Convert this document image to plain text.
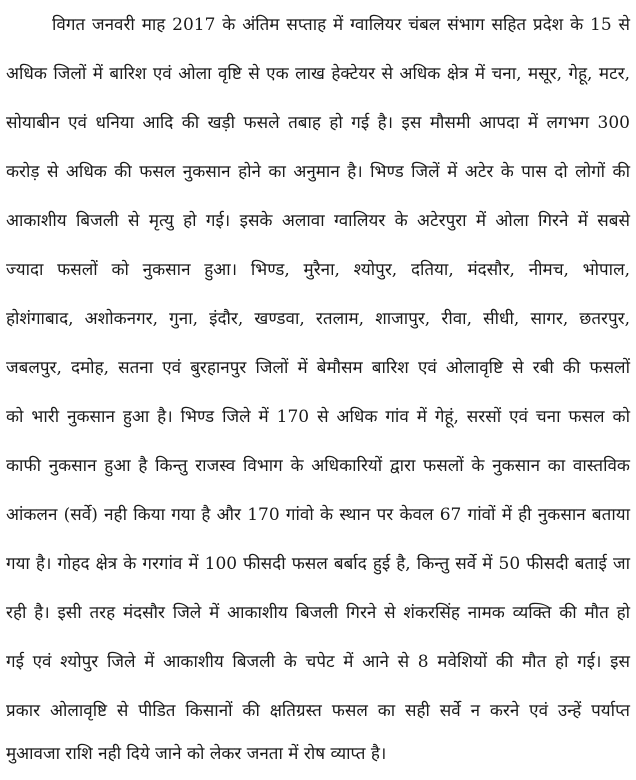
विगत जनवरी माह 2017 के अंतिम सप्ताह में ग्वालियर चंबल संभाग सहित प्रदेश के 15 से
अधिक जिलों में बारिश एवं ओला वृष्टि से एक लाख हेक्टेयर से अधिक क्षेत्र में चना, मसूर, गेहू, मटर,
सोयाबीन एवं धनिया आदि की खड़ी फसले तबाह हो गई है। इस मौसमी आपदा में लगभग 300
करोड़ से अधिक की फसल नुकसान होने का अनुमान है। भिण्ड जिलें में अटेर के पास दो लोगों की
आकाशीय बिजली से मृत्यु हो गई। इसके अलावा ग्वालियर के अटेरपुरा में ओला गिरने में सबसे
ज्यादा फसलों को नुकसान हुआ। भिण्ड, मुरैना, श्योपुर, दतिया, मंदसौर, नीमच, भोपाल,
होशंगाबाद, अशोकनगर, गुना, इंदौर, खण्डवा, रतलाम, शाजापुर, रीवा, सीधी, सागर, छतरपुर,
जबलपुर, दमोह, सतना एवं बुरहानपुर जिलों में बेमौसम बारिश एवं ओलावृष्टि से रबी की फसलों
को भारी नुकसान हुआ है। भिण्ड जिले में 170 से अधिक गांव में गेहूं, सरसों एवं चना फसल को
काफी नुकसान हुआ है किन्तु राजस्व विभाग के अधिकारियों द्वारा फसलों के नुकसान का वास्तविक
आंकलन (सर्वे) नही किया गया है और 170 गांवो के स्थान पर केवल 67 गांवों में ही नुकसान बताया
गया है। गोहद क्षेत्र के गरगांव में 100 फीसदी फसल बर्बाद हुई है, किन्तु सर्वे में 50 फीसदी बताई जा
रही है। इसी तरह मंदसौर जिले में आकाशीय बिजली गिरने से शंकरसिंह नामक व्यक्ति की मौत हो
गई एवं श्योपुर जिले में आकाशीय बिजली के चपेट में आने से 8 मवेशियों की मौत हो गई। इस
प्रकार ओलावृष्टि से पीडित किसानों की क्षतिग्रस्त फसल का सही सर्वे न करने एवं उन्हें पर्याप्त
मुआवजा राशि नही दिये जाने को लेकर जनता में रोष व्याप्त है।
